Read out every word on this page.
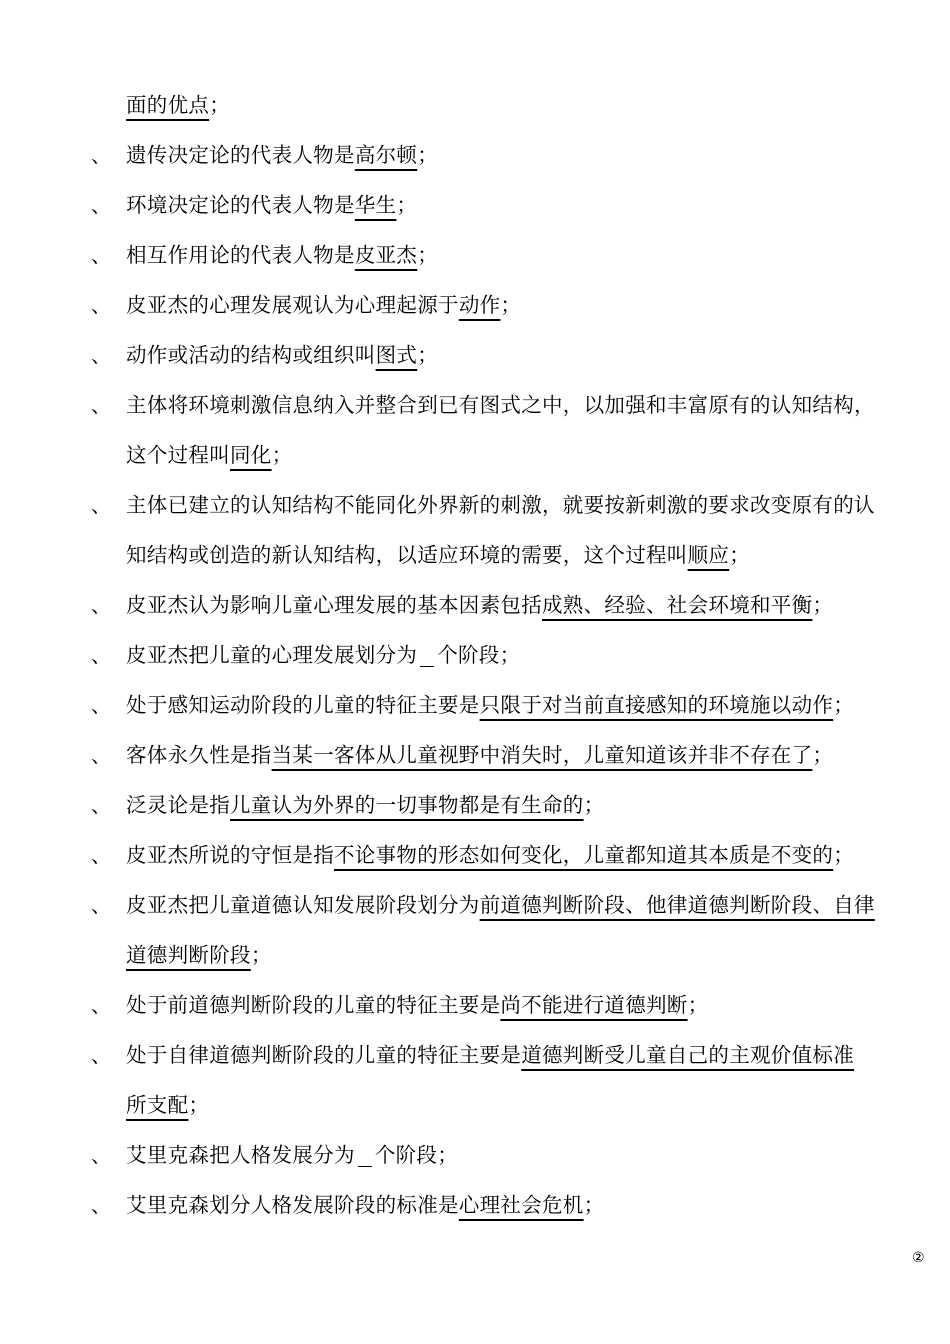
面的优点；
、 遗传决定论的代表人物是高尔顿；
、 环境决定论的代表人物是华生；
、 相互作用论的代表人物是皮亚杰；
、 皮亚杰的心理发展观认为心理起源于动作；
、 动作或活动的结构或组织叫图式；
、 主体将环境刺激信息纳入并整合到已有图式之中，以加强和丰富原有的认知结构，
这个过程叫同化；
、 主体已建立的认知结构不能同化外界新的刺激，就要按新刺激的要求改变原有的认
知结构或创造的新认知结构，以适应环境的需要，这个过程叫顺应；
、 皮亚杰认为影响儿童心理发展的基本因素包括成熟、经验、社会环境和平衡；
、 皮亚杰把儿童的心理发展划分为 个阶段；
、 处于感知运动阶段的儿童的特征主要是只限于对当前直接感知的环境施以动作；
、 客体永久性是指当某一客体从儿童视野中消失时，儿童知道该并非不存在了；
、 泛灵论是指儿童认为外界的一切事物都是有生命的；
、 皮亚杰所说的守恒是指不论事物的形态如何变化，儿童都知道其本质是不变的；
、 皮亚杰把儿童道德认知发展阶段划分为前道德判断阶段、他律道德判断阶段、自律
道德判断阶段；
、 处于前道德判断阶段的儿童的特征主要是尚不能进行道德判断；
、 处于自律道德判断阶段的儿童的特征主要是道德判断受儿童自己的主观价值标准
所支配；
、 艾里克森把人格发展分为 个阶段；
、 艾里克森划分人格发展阶段的标准是心理社会危机；
②
